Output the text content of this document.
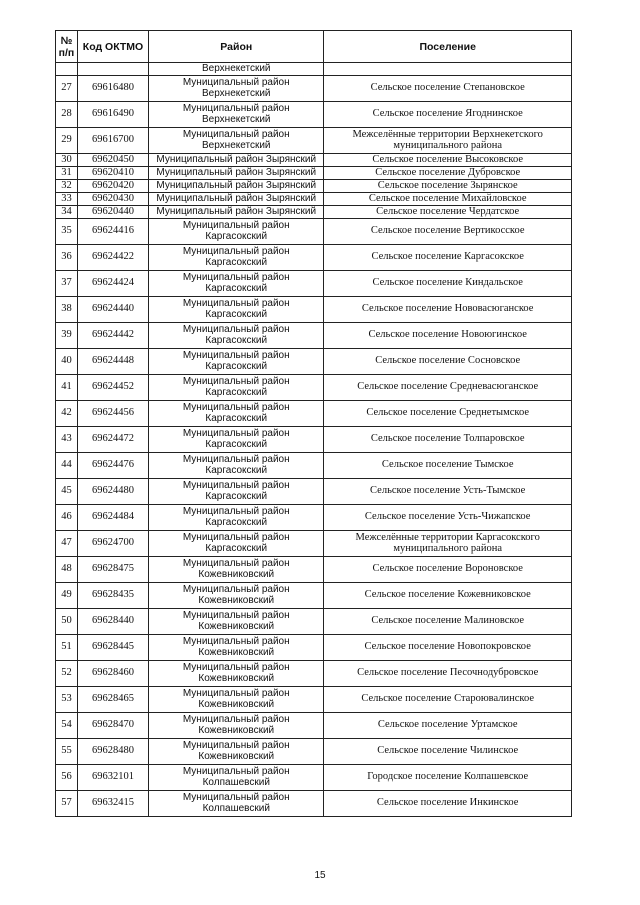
№ п/п	Код ОКТМО	Район	Поселение
		Верхнекетский	
27	69616480	Муниципальный район Верхнекетский	Сельское поселение Степановское
28	69616490	Муниципальный район Верхнекетский	Сельское поселение Ягоднинское
29	69616700	Муниципальный район Верхнекетский	Межселённые территории Верхнекетского муниципального района
30	69620450	Муниципальный район Зырянский	Сельское поселение Высоковское
31	69620410	Муниципальный район Зырянский	Сельское поселение Дубровское
32	69620420	Муниципальный район Зырянский	Сельское поселение Зырянское
33	69620430	Муниципальный район Зырянский	Сельское поселение Михайловское
34	69620440	Муниципальный район Зырянский	Сельское поселение Чердатское
35	69624416	Муниципальный район Каргасокский	Сельское поселение Вертикосское
36	69624422	Муниципальный район Каргасокский	Сельское поселение Каргасокское
37	69624424	Муниципальный район Каргасокский	Сельское поселение Киндальское
38	69624440	Муниципальный район Каргасокский	Сельское поселение Нововасюганское
39	69624442	Муниципальный район Каргасокский	Сельское поселение Новоюгинское
40	69624448	Муниципальный район Каргасокский	Сельское поселение Сосновское
41	69624452	Муниципальный район Каргасокский	Сельское поселение Средневасюганское
42	69624456	Муниципальный район Каргасокский	Сельское поселение Среднетымское
43	69624472	Муниципальный район Каргасокский	Сельское поселение Толпаровское
44	69624476	Муниципальный район Каргасокский	Сельское поселение Тымское
45	69624480	Муниципальный район Каргасокский	Сельское поселение Усть-Тымское
46	69624484	Муниципальный район Каргасокский	Сельское поселение Усть-Чижапское
47	69624700	Муниципальный район Каргасокский	Межселённые территории Каргасокского муниципального района
48	69628475	Муниципальный район Кожевниковский	Сельское поселение Вороновское
49	69628435	Муниципальный район Кожевниковский	Сельское поселение Кожевниковское
50	69628440	Муниципальный район Кожевниковский	Сельское поселение Малиновское
51	69628445	Муниципальный район Кожевниковский	Сельское поселение Новопокровское
52	69628460	Муниципальный район Кожевниковский	Сельское поселение Песочнодубровское
53	69628465	Муниципальный район Кожевниковский	Сельское поселение Староювалинское
54	69628470	Муниципальный район Кожевниковский	Сельское поселение Уртамское
55	69628480	Муниципальный район Кожевниковский	Сельское поселение Чилинское
56	69632101	Муниципальный район Колпашевский	Городское поселение Колпашевское
57	69632415	Муниципальный район Колпашевский	Сельское поселение Инкинское
15
